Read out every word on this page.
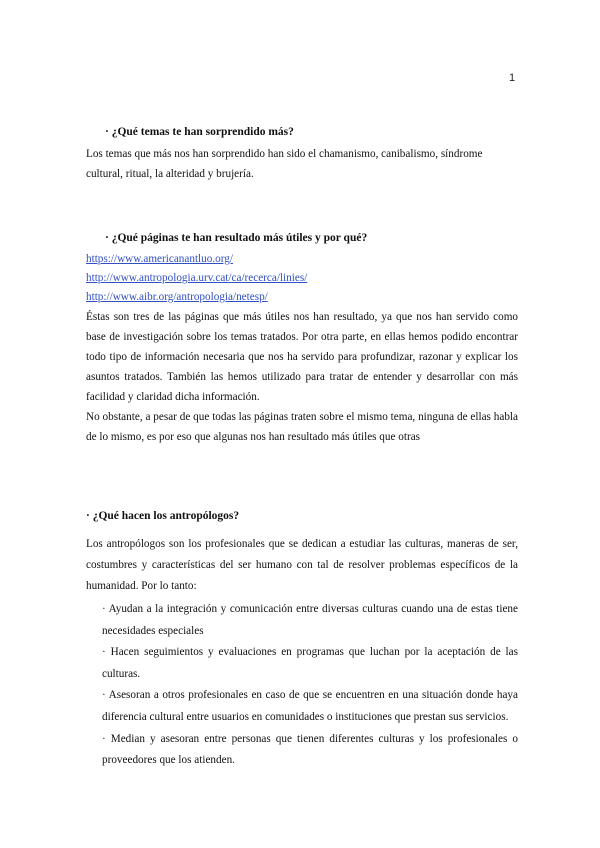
1

· ¿Qué temas te han sorprendido más?

Los temas que más nos han sorprendido han sido el chamanismo, canibalismo, síndrome cultural, ritual, la alteridad y brujería.

· ¿Qué páginas te han resultado más útiles y por qué?

https://www.americanantluo.org/
http://www.antropologia.urv.cat/ca/recerca/linies/
http://www.aibr.org/antropologia/netesp/

Éstas son tres de las páginas que más útiles nos han resultado, ya que nos han servido como base de investigación sobre los temas tratados. Por otra parte, en ellas hemos podido encontrar todo tipo de información necesaria que nos ha servido para profundizar, razonar y explicar los asuntos tratados. También las hemos utilizado para tratar de entender y desarrollar con más facilidad y claridad dicha información.

No obstante, a pesar de que todas las páginas traten sobre el mismo tema, ninguna de ellas habla de lo mismo, es por eso que algunas nos han resultado más útiles que otras

· ¿Qué hacen los antropólogos?

Los antropólogos son los profesionales que se dedican a estudiar las culturas, maneras de ser, costumbres y características del ser humano con tal de resolver problemas específicos de la humanidad. Por lo tanto:

· Ayudan a la integración y comunicación entre diversas culturas cuando una de estas tiene necesidades especiales

· Hacen seguimientos y evaluaciones en programas que luchan por la aceptación de las culturas.

· Asesoran a otros profesionales en caso de que se encuentren en una situación donde haya diferencia cultural entre usuarios en comunidades o instituciones que prestan sus servicios.

· Median y asesoran entre personas que tienen diferentes culturas y los profesionales o proveedores que los atienden.
